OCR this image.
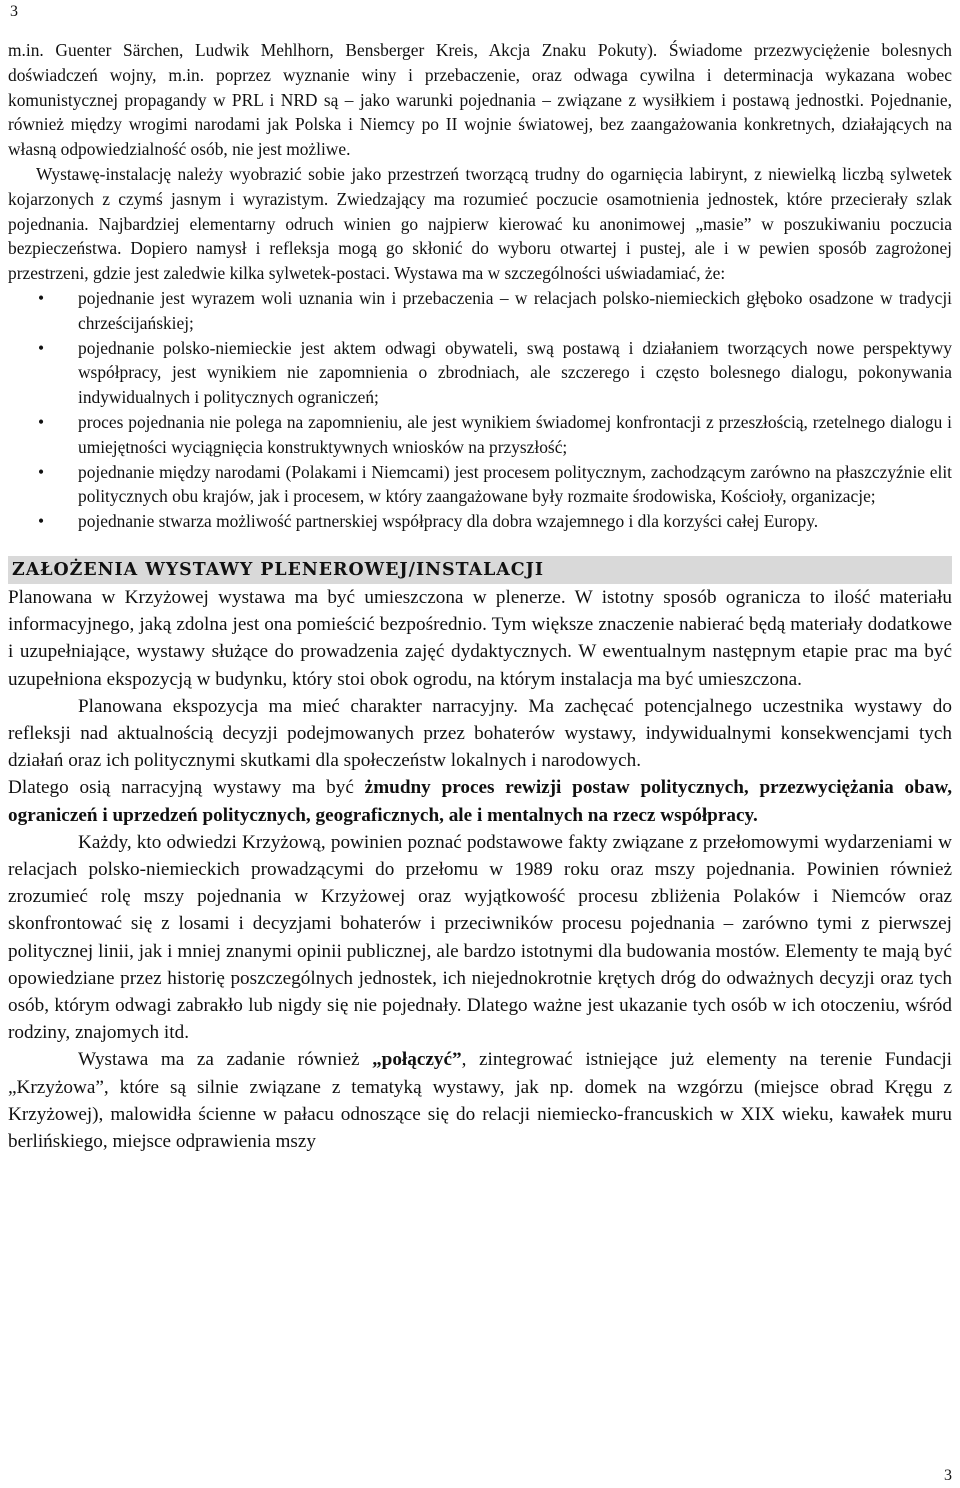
3

m.in. Guenter Särchen, Ludwik Mehlhorn, Bensberger Kreis, Akcja Znaku Pokuty). Świadome przezwyciężenie bolesnych doświadczeń wojny, m.in. poprzez wyznanie winy i przebaczenie, oraz odwaga cywilna i determinacja wykazana wobec komunistycznej propagandy w PRL i NRD są – jako warunki pojednania – związane z wysiłkiem i postawą jednostki. Pojednanie, również między wrogimi narodami jak Polska i Niemcy po II wojnie światowej, bez zaangażowania konkretnych, działających na własną odpowiedzialność osób, nie jest możliwe.

Wystawę-instalację należy wyobrazić sobie jako przestrzeń tworzącą trudny do ogarnięcia labirynt, z niewielką liczbą sylwetek kojarzonych z czymś jasnym i wyrazistym. Zwiedzający ma rozumieć poczucie osamotnienia jednostek, które przecierały szlak pojednania. Najbardziej elementarny odruch winien go najpierw kierować ku anonimowej „masie” w poszukiwaniu poczucia bezpieczeństwa. Dopiero namysł i refleksja mogą go skłonić do wyboru otwartej i pustej, ale i w pewien sposób zagrożonej przestrzeni, gdzie jest zaledwie kilka sylwetek-postaci. Wystawa ma w szczególności uświadamiać, że:

• pojednanie jest wyrazem woli uznania win i przebaczenia – w relacjach polsko-niemieckich głęboko osadzone w tradycji chrześcijańskiej;
• pojednanie polsko-niemieckie jest aktem odwagi obywateli, swą postawą i działaniem tworzących nowe perspektywy współpracy, jest wynikiem nie zapomnienia o zbrodniach, ale szczerego i często bolesnego dialogu, pokonywania indywidualnych i politycznych ograniczeń;
• proces pojednania nie polega na zapomnieniu, ale jest wynikiem świadomej konfrontacji z przeszłością, rzetelnego dialogu i umiejętności wyciągnięcia konstruktywnych wniosków na przyszłość;
• pojednanie między narodami (Polakami i Niemcami) jest procesem politycznym, zachodzącym zarówno na płaszczyźnie elit politycznych obu krajów, jak i procesem, w który zaangażowane były rozmaite środowiska, Kościoły, organizacje;
• pojednanie stwarza możliwość partnerskiej współpracy dla dobra wzajemnego i dla korzyści całej Europy.
ZAŁOŻENIA WYSTAWY PLENEROWEJ/INSTALACJI

Planowana w Krzyżowej wystawa ma być umieszczona w plenerze. W istotny sposób ogranicza to ilość materiału informacyjnego, jaką zdolna jest ona pomieścić bezpośrednio. Tym większe znaczenie nabierać będą materiały dodatkowe i uzupełniające, wystawy służące do prowadzenia zajęć dydaktycznych. W ewentualnym następnym etapie prac ma być uzupełniona ekspozycją w budynku, który stoi obok ogrodu, na którym instalacja ma być umieszczona.

Planowana ekspozycja ma mieć charakter narracyjny. Ma zachęcać potencjalnego uczestnika wystawy do refleksji nad aktualnością decyzji podejmowanych przez bohaterów wystawy, indywidualnymi konsekwencjami tych działań oraz ich politycznymi skutkami dla społeczeństw lokalnych i narodowych.

Dlatego osią narracyjną wystawy ma być żmudny proces rewizji postaw politycznych, przezwyciężania obaw, ograniczeń i uprzedzeń politycznych, geograficznych, ale i mentalnych na rzecz współpracy.

Każdy, kto odwiedzi Krzyżową, powinien poznać podstawowe fakty związane z przełomowymi wydarzeniami w relacjach polsko-niemieckich prowadzącymi do przełomu w 1989 roku oraz mszy pojednania. Powinien również zrozumieć rolę mszy pojednania w Krzyżowej oraz wyjątkowość procesu zbliżenia Polaków i Niemców oraz skonfrontować się z losami i decyzjami bohaterów i przeciwników procesu pojednania – zarówno tymi z pierwszej politycznej linii, jak i mniej znanymi opinii publicznej, ale bardzo istotnymi dla budowania mostów. Elementy te mają być opowiedziane przez historię poszczególnych jednostek, ich niejednokrotnie krętych dróg do odważnych decyzji oraz tych osób, którym odwagi zabrakło lub nigdy się nie pojednały. Dlatego ważne jest ukazanie tych osób w ich otoczeniu, wśród rodziny, znajomych itd.

Wystawa ma za zadanie również „połączyć”, zintegrować istniejące już elementy na terenie Fundacji „Krzyżowa”, które są silnie związane z tematyką wystawy, jak np. domek na wzgórzu (miejsce obrad Kręgu z Krzyżowej), malowidła ścienne w pałacu odnoszące się do relacji niemiecko-francuskich w XIX wieku, kawałek muru berlińskiego, miejsce odprawienia mszy

3
